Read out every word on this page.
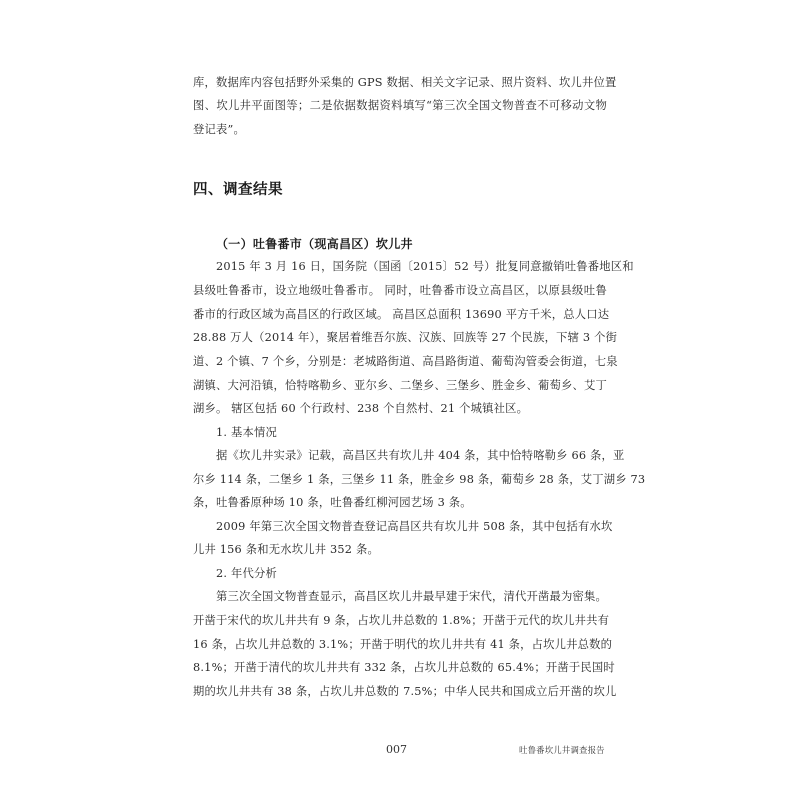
库，数据库内容包括野外采集的 GPS 数据、相关文字记录、照片资料、坎儿井位置
图、坎儿井平面图等；二是依据数据资料填写“第三次全国文物普查不可移动文物
登记表”。
四、调查结果
（一）吐鲁番市（现高昌区）坎儿井
2015 年 3 月 16 日，国务院（国函〔2015〕52 号）批复同意撤销吐鲁番地区和
县级吐鲁番市，设立地级吐鲁番市。 同时，吐鲁番市设立高昌区，以原县级吐鲁
番市的行政区域为高昌区的行政区域。 高昌区总面积 13690 平方千米，总人口达
28.88 万人（2014 年），聚居着维吾尔族、汉族、回族等 27 个民族，下辖 3 个街
道、2 个镇、7 个乡，分别是：老城路街道、高昌路街道、葡萄沟管委会街道，七泉
湖镇、大河沿镇，恰特喀勒乡、亚尔乡、二堡乡、三堡乡、胜金乡、葡萄乡、艾丁
湖乡。 辖区包括 60 个行政村、238 个自然村、21 个城镇社区。
1. 基本情况
据《坎儿井实录》记载，高昌区共有坎儿井 404 条，其中恰特喀勒乡 66 条，亚
尔乡 114 条，二堡乡 1 条，三堡乡 11 条，胜金乡 98 条，葡萄乡 28 条，艾丁湖乡 73
条，吐鲁番原种场 10 条，吐鲁番红柳河园艺场 3 条。
2009 年第三次全国文物普查登记高昌区共有坎儿井 508 条，其中包括有水坎
儿井 156 条和无水坎儿井 352 条。
2. 年代分析
第三次全国文物普查显示，高昌区坎儿井最早建于宋代，清代开凿最为密集。
开凿于宋代的坎儿井共有 9 条，占坎儿井总数的 1.8%；开凿于元代的坎儿井共有
16 条，占坎儿井总数的 3.1%；开凿于明代的坎儿井共有 41 条，占坎儿井总数的
8.1%；开凿于清代的坎儿井共有 332 条，占坎儿井总数的 65.4%；开凿于民国时
期的坎儿井共有 38 条，占坎儿井总数的 7.5%；中华人民共和国成立后开凿的坎儿
007	吐鲁番坎儿井调查报告
